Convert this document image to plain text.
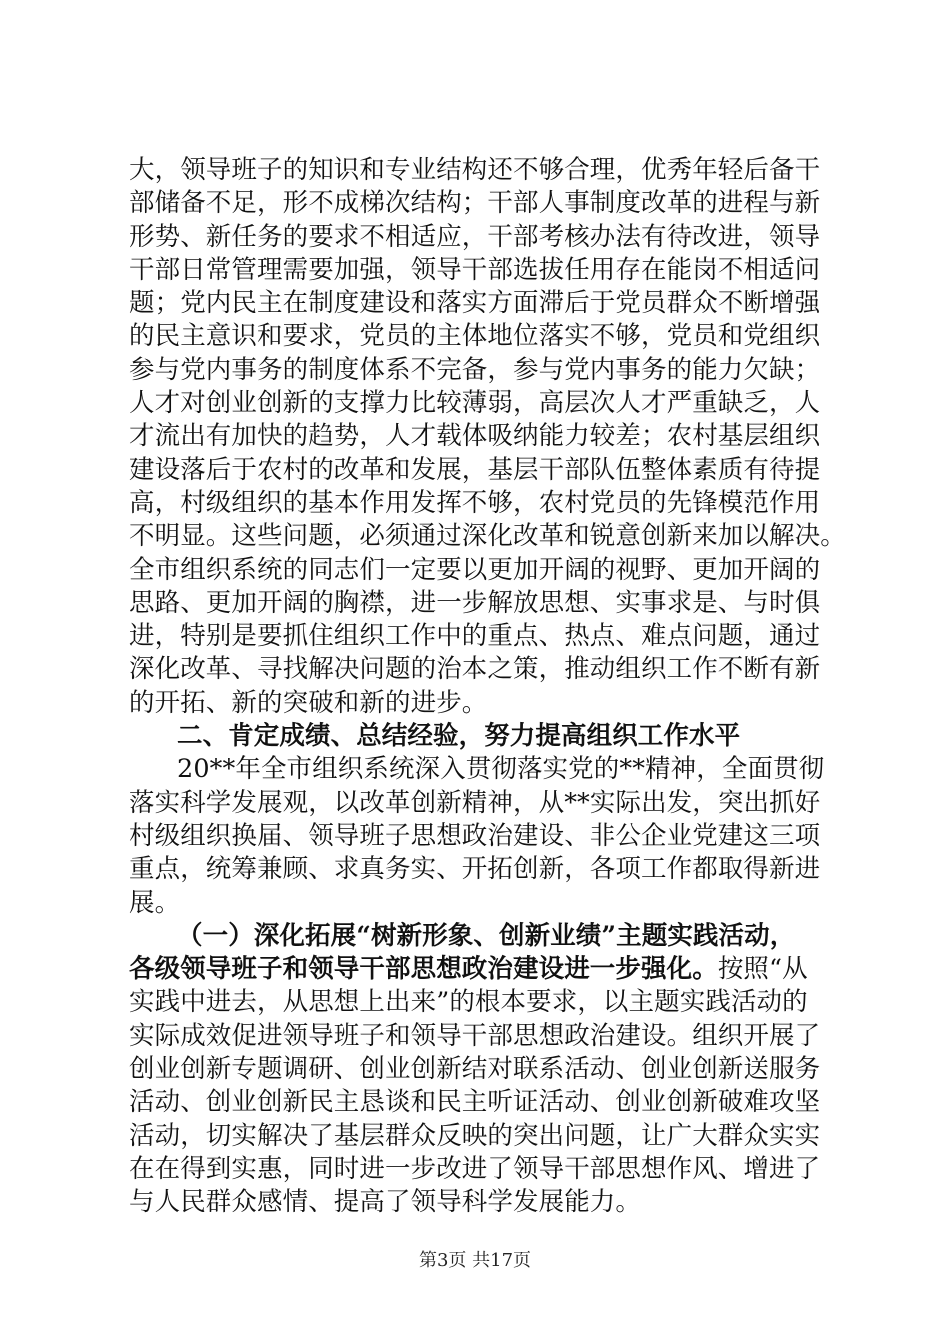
大，领导班子的知识和专业结构还不够合理，优秀年轻后备干
部储备不足，形不成梯次结构；干部人事制度改革的进程与新
形势、新任务的要求不相适应，干部考核办法有待改进，领导
干部日常管理需要加强，领导干部选拔任用存在能岗不相适问
题；党内民主在制度建设和落实方面滞后于党员群众不断增强
的民主意识和要求，党员的主体地位落实不够，党员和党组织
参与党内事务的制度体系不完备，参与党内事务的能力欠缺；
人才对创业创新的支撑力比较薄弱，高层次人才严重缺乏，人
才流出有加快的趋势，人才载体吸纳能力较差；农村基层组织
建设落后于农村的改革和发展，基层干部队伍整体素质有待提
高，村级组织的基本作用发挥不够，农村党员的先锋模范作用
不明显。这些问题，必须通过深化改革和锐意创新来加以解决。
全市组织系统的同志们一定要以更加开阔的视野、更加开阔的
思路、更加开阔的胸襟，进一步解放思想、实事求是、与时俱
进，特别是要抓住组织工作中的重点、热点、难点问题，通过
深化改革、寻找解决问题的治本之策，推动组织工作不断有新
的开拓、新的突破和新的进步。
二、肯定成绩、总结经验，努力提高组织工作水平
20**年全市组织系统深入贯彻落实党的**精神，全面贯彻
落实科学发展观，以改革创新精神，从**实际出发，突出抓好
村级组织换届、领导班子思想政治建设、非公企业党建这三项
重点，统筹兼顾、求真务实、开拓创新，各项工作都取得新进
展。
（一）深化拓展“树新形象、创新业绩”主题实践活动，
各级领导班子和领导干部思想政治建设进一步强化。按照“从
实践中进去，从思想上出来”的根本要求，以主题实践活动的
实际成效促进领导班子和领导干部思想政治建设。组织开展了
创业创新专题调研、创业创新结对联系活动、创业创新送服务
活动、创业创新民主恳谈和民主听证活动、创业创新破难攻坚
活动，切实解决了基层群众反映的突出问题，让广大群众实实
在在得到实惠，同时进一步改进了领导干部思想作风、增进了
与人民群众感情、提高了领导科学发展能力。
第3页 共17页
